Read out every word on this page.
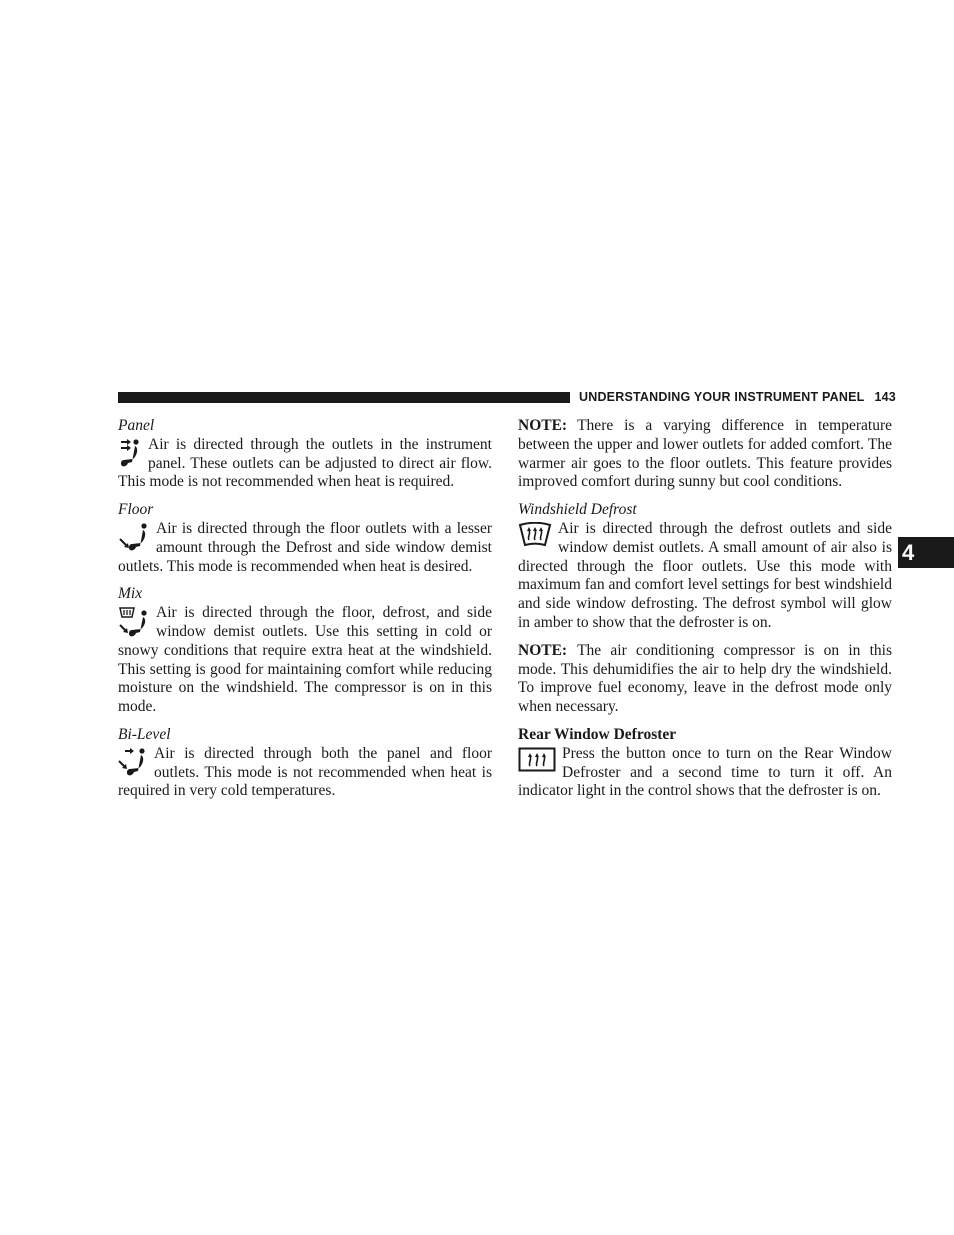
UNDERSTANDING YOUR INSTRUMENT PANEL 143
4
Panel
Air is directed through the outlets in the instrument panel. These outlets can be adjusted to direct air flow. This mode is not recommended when heat is required.
Floor
Air is directed through the floor outlets with a lesser amount through the Defrost and side window demist outlets. This mode is recommended when heat is desired.
Mix
Air is directed through the floor, defrost, and side window demist outlets. Use this setting in cold or snowy conditions that require extra heat at the windshield. This setting is good for maintaining comfort while reducing moisture on the windshield. The compressor is on in this mode.
Bi-Level
Air is directed through both the panel and floor outlets. This mode is not recommended when heat is required in very cold temperatures.
NOTE: There is a varying difference in temperature between the upper and lower outlets for added comfort. The warmer air goes to the floor outlets. This feature provides improved comfort during sunny but cool conditions.
Windshield Defrost
Air is directed through the defrost outlets and side window demist outlets. A small amount of air also is directed through the floor outlets. Use this mode with maximum fan and comfort level settings for best windshield and side window defrosting. The defrost symbol will glow in amber to show that the defroster is on.
NOTE: The air conditioning compressor is on in this mode. This dehumidifies the air to help dry the windshield. To improve fuel economy, leave in the defrost mode only when necessary.
Rear Window Defroster
Press the button once to turn on the Rear Window Defroster and a second time to turn it off. An indicator light in the control shows that the defroster is on.
